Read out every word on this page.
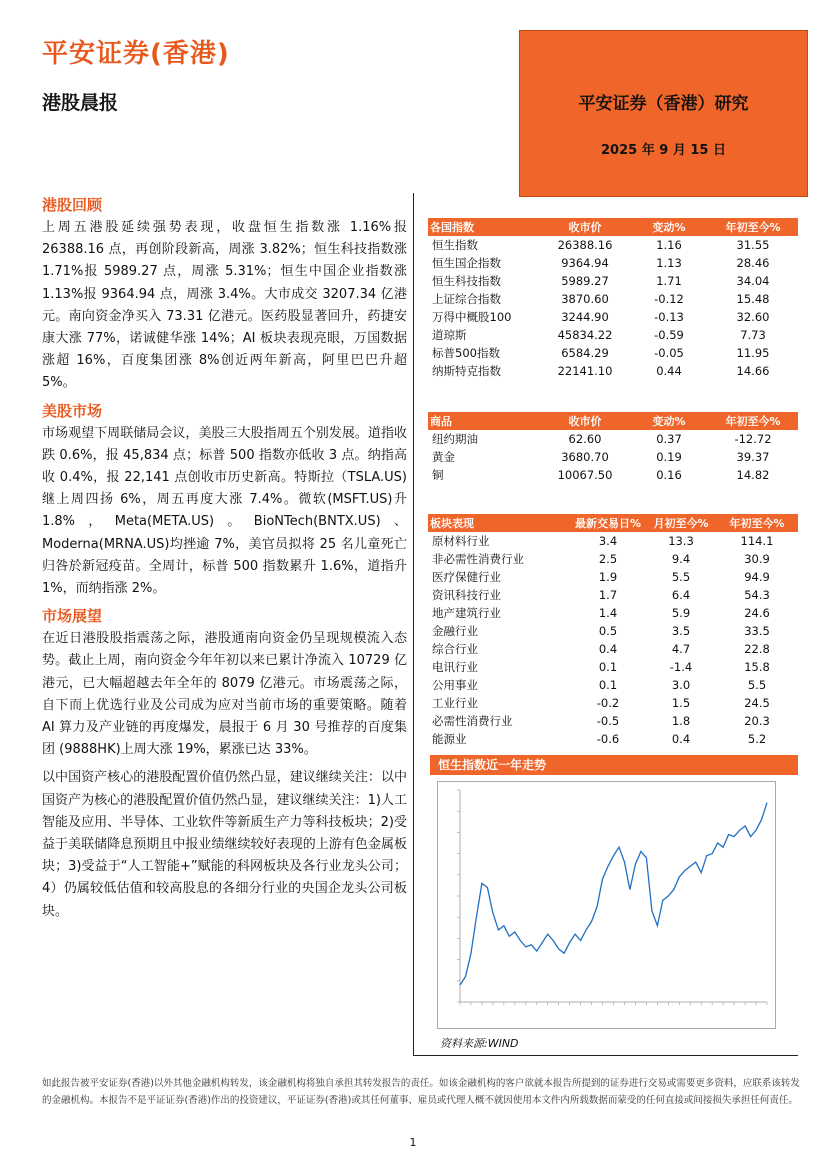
平安证券(香港)
港股晨报	平安证券（香港）研究
2025 年 9 月 15 日
港股回顾
上周五港股延续强势表现，收盘恒生指数涨 1.16%报 26388.16 点，再创阶段新高，周涨 3.82%；恒生科技指数涨 1.71%报 5989.27 点，周涨 5.31%；恒生中国企业指数涨 1.13%报 9364.94 点，周涨 3.4%。大市成交 3207.34 亿港元。南向资金净买入 73.31 亿港元。医药股显著回升，药捷安康大涨 77%，诺诚健华涨 14%；AI 板块表现亮眼，万国数据涨超 16%，百度集团涨 8%创近两年新高，阿里巴巴升超 5%。
美股市场
市场观望下周联储局会议，美股三大股指周五个别发展。道指收跌 0.6%，报 45,834 点；标普 500 指数亦低收 3 点。纳指高收 0.4%，报 22,141 点创收市历史新高。特斯拉（TSLA.US)继上周四扬 6%，周五再度大涨 7.4%。微软(MSFT.US)升 1.8%，Meta(META.US)。BioNTech(BNTX.US)、Moderna(MRNA.US)均挫逾 7%，美官员拟将 25 名儿童死亡归咎於新冠疫苗。全周计，标普 500 指数累升 1.6%，道指升 1%，而纳指涨 2%。
市场展望
在近日港股股指震荡之际，港股通南向资金仍呈现规模流入态势。截止上周，南向资金今年年初以来已累计净流入 10729 亿港元，已大幅超越去年全年的 8079 亿港元。市场震荡之际，自下而上优选行业及公司成为应对当前市场的重要策略。随着 AI 算力及产业链的再度爆发，晨报于 6 月 30 号推荐的百度集团 (9888HK)上周大涨 19%，累涨已达 33%。
以中国资产核心的港股配置价值仍然凸显，建议继续关注：以中国资产为核心的港股配置价值仍然凸显，建议继续关注：1)人工智能及应用、半导体、工业软件等新质生产力等科技板块；2)受益于美联储降息预期且中报业绩继续较好表现的上游有色金属板块；3)受益于“人工智能+”赋能的科网板块及各行业龙头公司；4）仍属较低估值和较高股息的各细分行业的央国企龙头公司板块。
各国指数	收市价	变动%	年初至今%
恒生指数	26388.16	1.16	31.55
恒生国企指数	9364.94	1.13	28.46
恒生科技指数	5989.27	1.71	34.04
上证综合指数	3870.60	-0.12	15.48
万得中概股100	3244.90	-0.13	32.60
道琼斯	45834.22	-0.59	7.73
标普500指数	6584.29	-0.05	11.95
纳斯特克指数	22141.10	0.44	14.66
商品	收市价	变动%	年初至今%
纽约期油	62.60	0.37	-12.72
黄金	3680.70	0.19	39.37
铜	10067.50	0.16	14.82
板块表现	最新交易日%	月初至今%	年初至今%
原材料行业	3.4	13.3	114.1
非必需性消费行业	2.5	9.4	30.9
医疗保健行业	1.9	5.5	94.9
资讯科技行业	1.7	6.4	54.3
地产建筑行业	1.4	5.9	24.6
金融行业	0.5	3.5	33.5
综合行业	0.4	4.7	22.8
电讯行业	0.1	-1.4	15.8
公用事业	0.1	3.0	5.5
工业行业	-0.2	1.5	24.5
必需性消费行业	-0.5	1.8	20.3
能源业	-0.6	0.4	5.2
恒生指数近一年走势
资料来源:WIND
如此报告被平安证券(香港)以外其他金融机构转发，该金融机构将独自承担其转发报告的责任。如该金融机构的客户欲就本报告所提到的证券进行交易或需要更多资料，应联系该转发的金融机构。本报告不是平证证券(香港)作出的投资建议，平证证券(香港)或其任何董事、雇员或代理人概不就因使用本文件内所载数据而蒙受的任何直接或间接损失承担任何责任。
1
